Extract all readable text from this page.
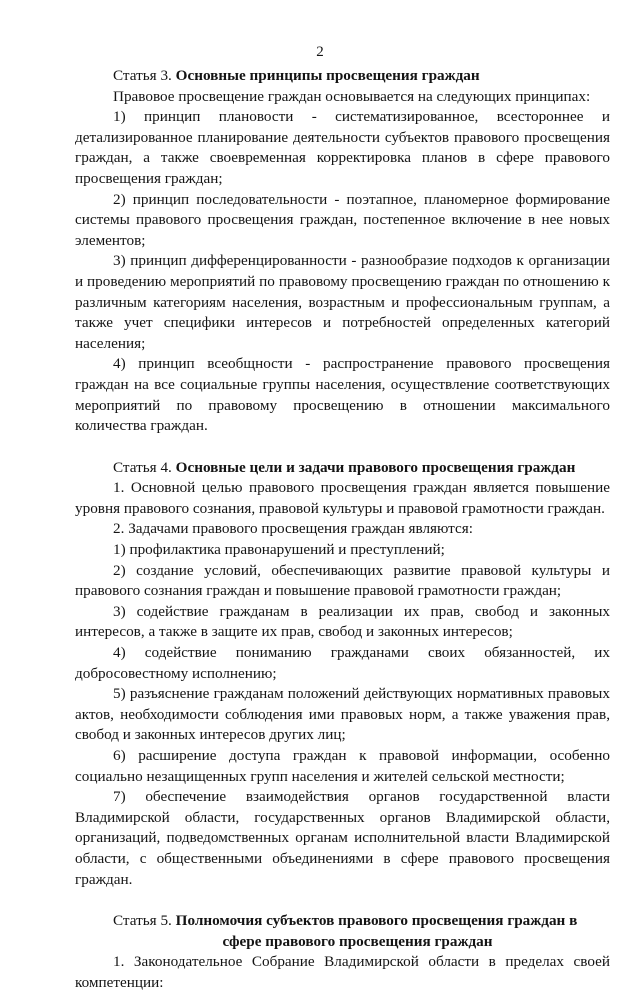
2

Статья 3. Основные принципы просвещения граждан

Правовое просвещение граждан основывается на следующих принципах:

1) принцип плановости - систематизированное, всестороннее и детализированное планирование деятельности субъектов правового просвещения граждан, а также своевременная корректировка планов в сфере правового просвещения граждан;

2) принцип последовательности - поэтапное, планомерное формирование системы правового просвещения граждан, постепенное включение в нее новых элементов;

3) принцип дифференцированности - разнообразие подходов к организации и проведению мероприятий по правовому просвещению граждан по отношению к различным категориям населения, возрастным и профессиональным группам, а также учет специфики интересов и потребностей определенных категорий населения;

4) принцип всеобщности - распространение правового просвещения граждан на все социальные группы населения, осуществление соответствующих мероприятий по правовому просвещению в отношении максимального количества граждан.

Статья 4. Основные цели и задачи правового просвещения граждан

1. Основной целью правового просвещения граждан является повышение уровня правового сознания, правовой культуры и правовой грамотности граждан.

2. Задачами правового просвещения граждан являются:

1) профилактика правонарушений и преступлений;

2) создание условий, обеспечивающих развитие правовой культуры и правового сознания граждан и повышение правовой грамотности граждан;

3) содействие гражданам в реализации их прав, свобод и законных интересов, а также в защите их прав, свобод и законных интересов;

4) содействие пониманию гражданами своих обязанностей, их добросовестному исполнению;

5) разъяснение гражданам положений действующих нормативных правовых актов, необходимости соблюдения ими правовых норм, а также уважения прав, свобод и законных интересов других лиц;

6) расширение доступа граждан к правовой информации, особенно социально незащищенных групп населения и жителей сельской местности;

7) обеспечение взаимодействия органов государственной власти Владимирской области, государственных органов Владимирской области, организаций, подведомственных органам исполнительной власти Владимирской области, с общественными объединениями в сфере правового просвещения граждан.

Статья 5. Полномочия субъектов правового просвещения граждан в
сфере правового просвещения граждан

1. Законодательное Собрание Владимирской области в пределах своей компетенции:
